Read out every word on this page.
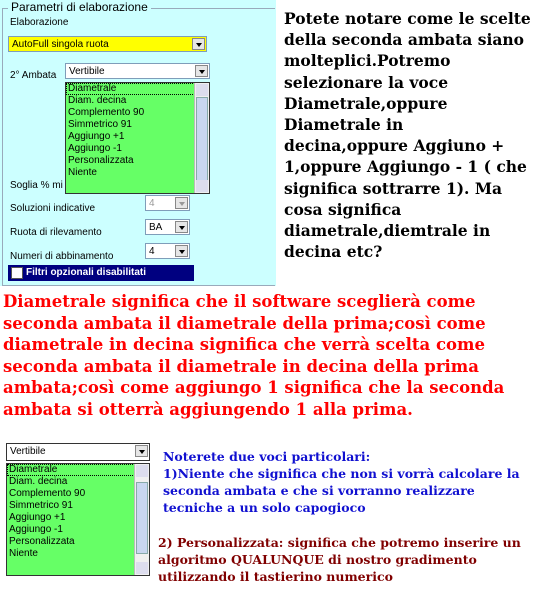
Parametri di elaborazione
Elaborazione
AutoFull singola ruota
2° Ambata Vertibile
Diametrale
Diam. decina
Complemento 90
Simmetrico 91
Aggiungo +1
Aggiungo -1
Personalizzata
Niente
Soglia % mi
Soluzioni indicative	4
Ruota di rilevamento	BA
Numeri di abbinamento	4
Filtri opzionali disabilitati
Potete notare come le scelte della seconda ambata siano molteplici.Potremo selezionare la voce Diametrale,oppure Diametrale in decina,oppure Aggiuno + 1,oppure Aggiungo - 1 ( che significa sottrarre 1). Ma cosa significa diametrale,diemtrale in decina etc?
Diametrale significa che il software sceglierà come seconda ambata il diametrale della prima;così come diametrale in decina significa che verrà scelta come seconda ambata il diametrale in decina della prima ambata;così come aggiungo 1 significa che la seconda ambata si otterrà aggiungendo 1 alla prima.
Vertibile
Diametrale
Diam. decina
Complemento 90
Simmetrico 91
Aggiungo +1
Aggiungo -1
Personalizzata
Niente
Noterete due voci particolari:
1)Niente che significa che non si vorrà calcolare la seconda ambata e che si vorranno realizzare tecniche a un solo capogioco
2) Personalizzata: significa che potremo inserire un algoritmo QUALUNQUE di nostro gradimento utilizzando il tastierino numerico
